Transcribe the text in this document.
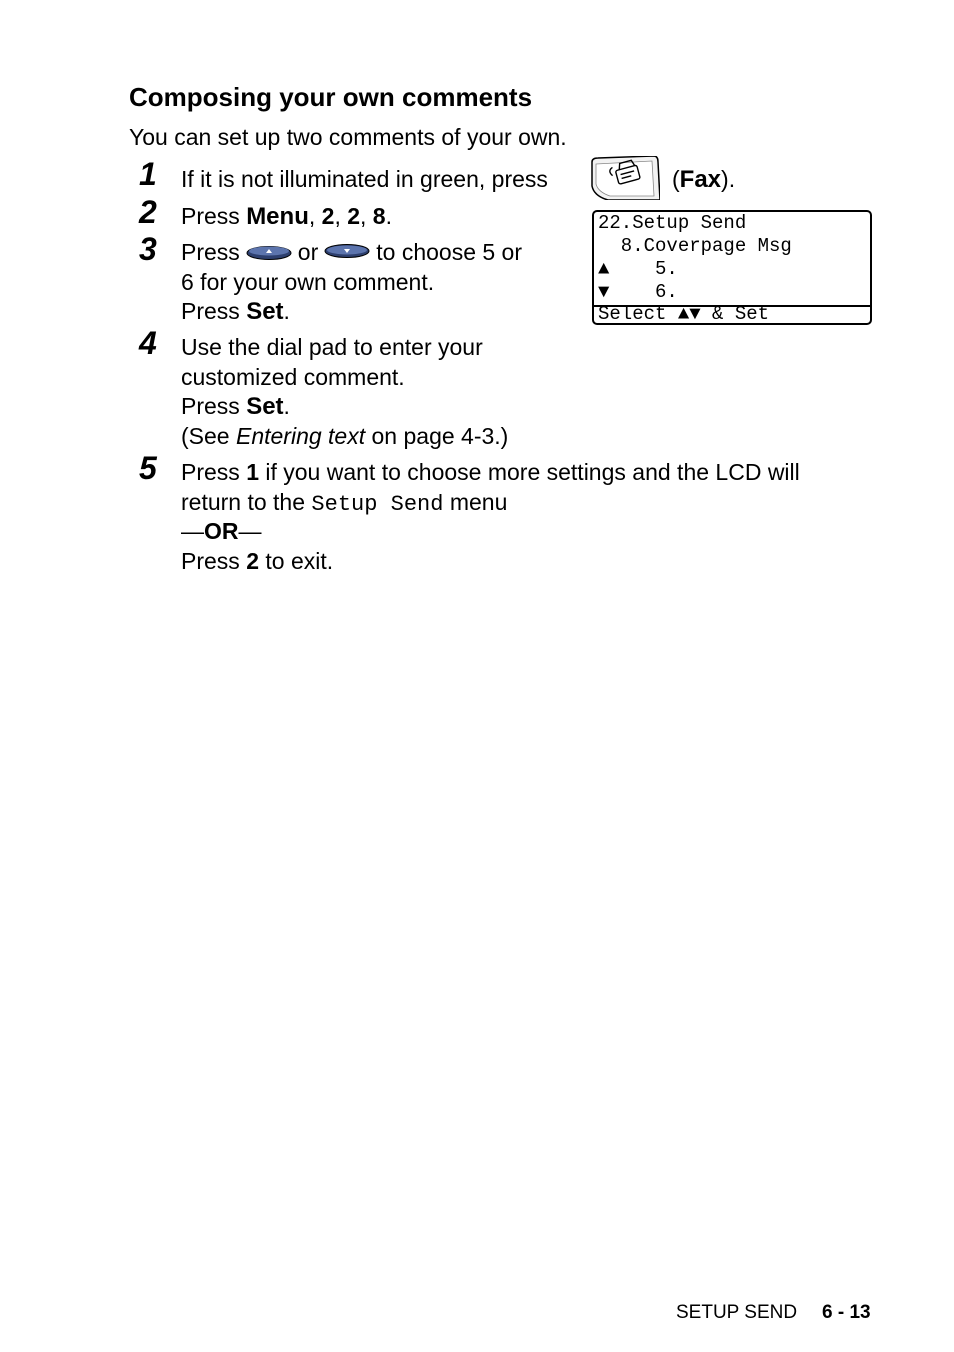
Composing your own comments
You can set up two comments of your own.
1 If it is not illuminated in green, press	(Fax).
2 Press Menu, 2, 2, 8.
3 Press	or	to choose 5 or
6 for your own comment.
Press Set.
22.Setup Send
8.Coverpage Msg
▲    5.
▼    6.
Select ▲▼ & Set
4 Use the dial pad to enter your
customized comment.
Press Set.
(See Entering text on page 4-3.)
5 Press 1 if you want to choose more settings and the LCD will
return to the Setup Send menu
—OR—
Press 2 to exit.
SETUP SEND 6 - 13
